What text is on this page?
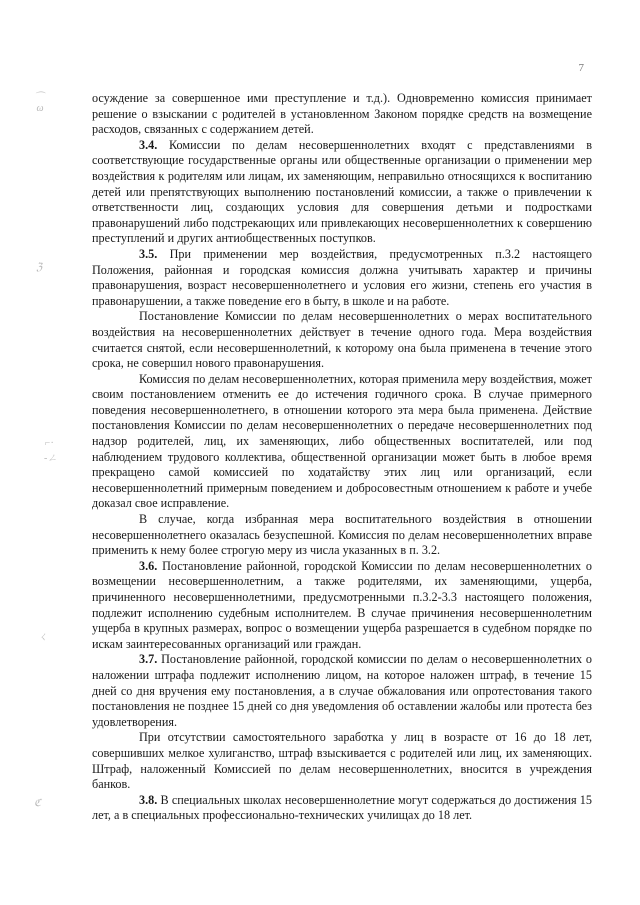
7
⌒
ω
ℨ
⌐·
‑ㄥ
ㄑ
ℭ

осуждение за совершенное ими преступление и т.д.). Одновременно комиссия принимает решение о взыскании с родителей в установленном Законом порядке средств на возмещение расходов, связанных с содержанием детей.

3.4. Комиссии по делам несовершеннолетних входят с представлениями в соответствующие государственные органы или общественные организации о применении мер воздействия к родителям или лицам, их заменяющим, неправильно относящихся к воспитанию детей или препятствующих выполнению постановлений комиссии, а также о привлечении к ответственности лиц, создающих условия для совершения детьми и подростками правонарушений либо подстрекающих или привлекающих несовершеннолетних к совершению преступлений и других антиобщественных поступков.

3.5. При применении мер воздействия, предусмотренных п.3.2 настоящего Положения, районная и городская комиссия должна учитывать характер и причины правонарушения, возраст несовершеннолетнего и условия его жизни, степень его участия в правонарушении, а также поведение его в быту, в школе и на работе.

Постановление Комиссии по делам несовершеннолетних о мерах воспитательного воздействия на несовершеннолетних действует в течение одного года. Мера воздействия считается снятой, если несовершеннолетний, к которому она была применена в течение этого срока, не совершил нового правонарушения.

Комиссия по делам несовершеннолетних, которая применила меру воздействия, может своим постановлением отменить ее до истечения годичного срока. В случае примерного поведения несовершеннолетнего, в отношении которого эта мера была применена. Действие постановления Комиссии по делам несовершеннолетних о передаче несовершеннолетних под надзор родителей, лиц, их заменяющих, либо общественных воспитателей, или под наблюдением трудового коллектива, общественной организации может быть в любое время прекращено самой комиссией по ходатайству этих лиц или организаций, если несовершеннолетний примерным поведением и добросовестным отношением к работе и учебе доказал свое исправление.

В случае, когда избранная мера воспитательного воздействия в отношении несовершеннолетнего оказалась безуспешной. Комиссия по делам несовершеннолетних вправе применить к нему более строгую меру из числа указанных в п. 3.2.

3.6. Постановление районной, городской Комиссии по делам несовершеннолетних о возмещении несовершеннолетним, а также родителями, их заменяющими, ущерба, причиненного несовершеннолетними, предусмотренными п.3.2-3.3 настоящего положения, подлежит исполнению судебным исполнителем. В случае причинения несовершеннолетним ущерба в крупных размерах, вопрос о возмещении ущерба разрешается в судебном порядке по искам заинтересованных организаций или граждан.

3.7. Постановление районной, городской комиссии по делам о несовершеннолетних о наложении штрафа подлежит исполнению лицом, на которое наложен штраф, в течение 15 дней со дня вручения ему постановления, а в случае обжалования или опротестования такого постановления не позднее 15 дней со дня уведомления об оставлении жалобы или протеста без удовлетворения.

При отсутствии самостоятельного заработка у лиц в возрасте от 16 до 18 лет, совершивших мелкое хулиганство, штраф взыскивается с родителей или лиц, их заменяющих. Штраф, наложенный Комиссией по делам несовершеннолетних, вносится в учреждения банков.

3.8. В специальных школах несовершеннолетние могут содержаться до достижения 15 лет, а в специальных профессионально-технических училищах до 18 лет.
